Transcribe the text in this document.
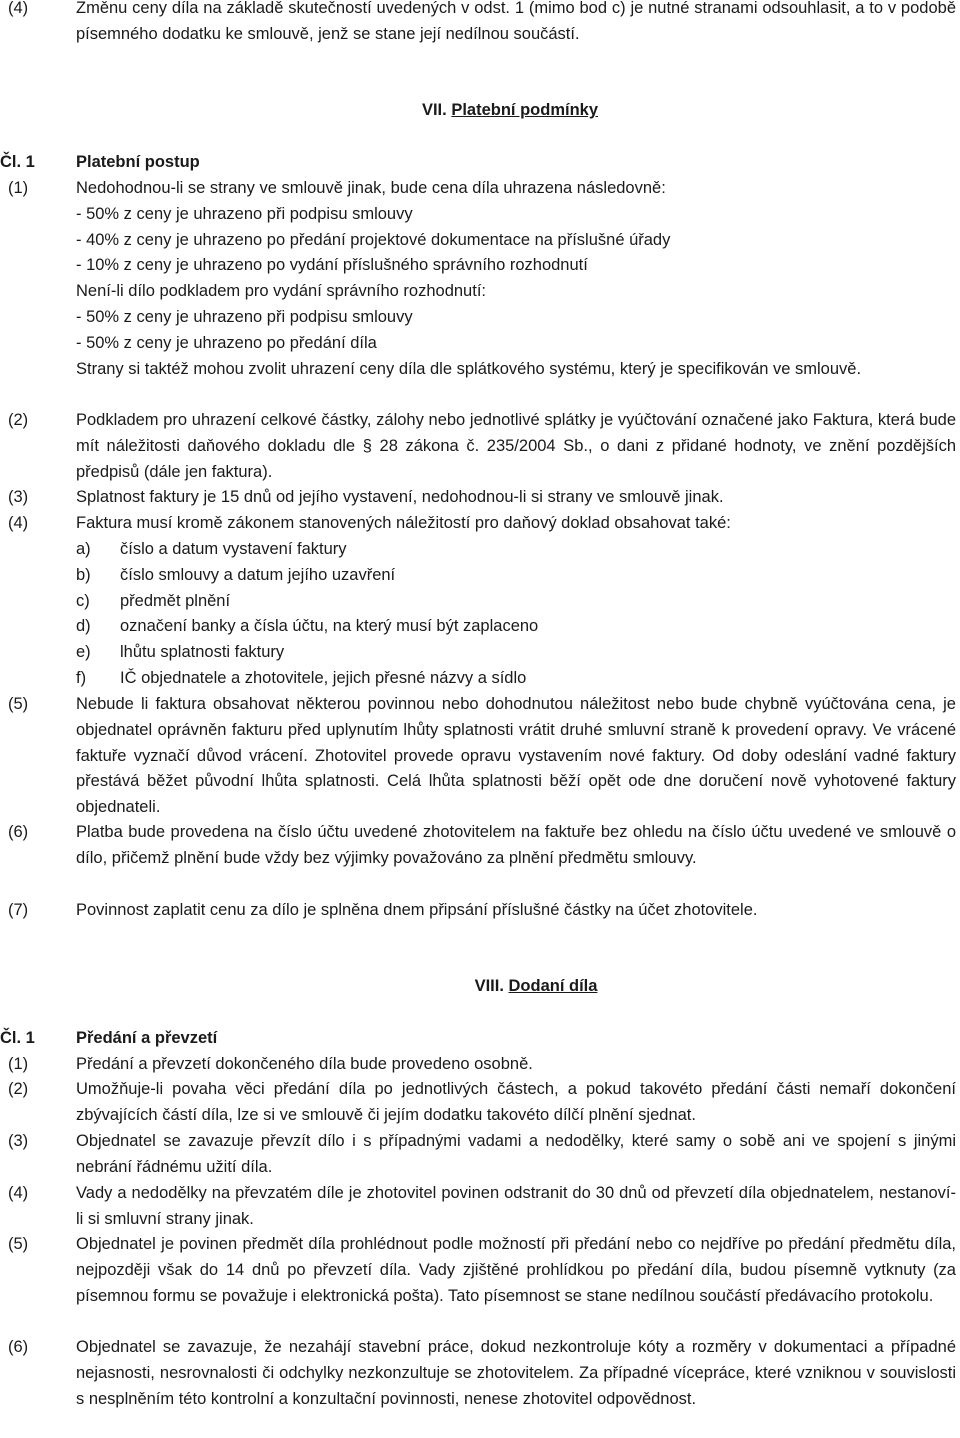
(4)	Změnu ceny díla na základě skutečností uvedených v odst. 1 (mimo bod c) je nutné stranami odsouhlasit, a to v podobě písemného dodatku ke smlouvě, jenž se stane její nedílnou součástí.
VII. Platební podmínky
Čl. 1 Platební postup
(1)	Nedohodnou-li se strany ve smlouvě jinak, bude cena díla uhrazena následovně:
- 50% z ceny je uhrazeno při podpisu smlouvy
- 40% z ceny je uhrazeno po předání projektové dokumentace na příslušné úřady
- 10% z ceny je uhrazeno po vydání příslušného správního rozhodnutí
Není-li dílo podkladem pro vydání správního rozhodnutí:
- 50% z ceny je uhrazeno při podpisu smlouvy
- 50% z ceny je uhrazeno po předání díla
Strany si taktéž mohou zvolit uhrazení ceny díla dle splátkového systému, který je specifikován ve smlouvě.
(2)	Podkladem pro uhrazení celkové částky, zálohy nebo jednotlivé splátky je vyúčtování označené jako Faktura, která bude mít náležitosti daňového dokladu dle § 28 zákona č. 235/2004 Sb., o dani z přidané hodnoty, ve znění pozdějších předpisů (dále jen faktura).
(3)	Splatnost faktury je 15 dnů od jejího vystavení, nedohodnou-li si strany ve smlouvě jinak.
(4)	Faktura musí kromě zákonem stanovených náležitostí pro daňový doklad obsahovat také:
a) číslo a datum vystavení faktury
b) číslo smlouvy a datum jejího uzavření
c) předmět plnění
d) označení banky a čísla účtu, na který musí být zaplaceno
e) lhůtu splatnosti faktury
f) IČ objednatele a zhotovitele, jejich přesné názvy a sídlo
(5)	Nebude li faktura obsahovat některou povinnou nebo dohodnutou náležitost nebo bude chybně vyúčtována cena, je objednatel oprávněn fakturu před uplynutím lhůty splatnosti vrátit druhé smluvní straně k provedení opravy. Ve vrácené faktuře vyznačí důvod vrácení. Zhotovitel provede opravu vystavením nové faktury. Od doby odeslání vadné faktury přestává běžet původní lhůta splatnosti. Celá lhůta splatnosti běží opět ode dne doručení nově vyhotovené faktury objednateli.
(6)	Platba bude provedena na číslo účtu uvedené zhotovitelem na faktuře bez ohledu na číslo účtu uvedené ve smlouvě o dílo, přičemž plnění bude vždy bez výjimky považováno za plnění předmětu smlouvy.
(7)	Povinnost zaplatit cenu za dílo je splněna dnem připsání příslušné částky na účet zhotovitele.
VIII. Dodaní díla
Čl. 1 Předání a převzetí
(1)	Předání a převzetí dokončeného díla bude provedeno osobně.
(2)	Umožňuje-li povaha věci předání díla po jednotlivých částech, a pokud takovéto předání části nemaří dokončení zbývajících částí díla, lze si ve smlouvě či jejím dodatku takovéto dílčí plnění sjednat.
(3)	Objednatel se zavazuje převzít dílo i s případnými vadami a nedodělky, které samy o sobě ani ve spojení s jinými nebrání řádnému užití díla.
(4)	Vady a nedodělky na převzatém díle je zhotovitel povinen odstranit do 30 dnů od převzetí díla objednatelem, nestanoví-li si smluvní strany jinak.
(5)	Objednatel je povinen předmět díla prohlédnout podle možností při předání nebo co nejdříve po předání předmětu díla, nejpozději však do 14 dnů po převzetí díla. Vady zjištěné prohlídkou po předání díla, budou písemně vytknuty (za písemnou formu se považuje i elektronická pošta). Tato písemnost se stane nedílnou součástí předávacího protokolu.
(6)	Objednatel se zavazuje, že nezahájí stavební práce, dokud nezkontroluje kóty a rozměry v dokumentaci a případné nejasnosti, nesrovnalosti či odchylky nezkonzultuje se zhotovitelem. Za případné vícepráce, které vzniknou v souvislosti s nesplněním této kontrolní a konzultační povinnosti, nenese zhotovitel odpovědnost.
